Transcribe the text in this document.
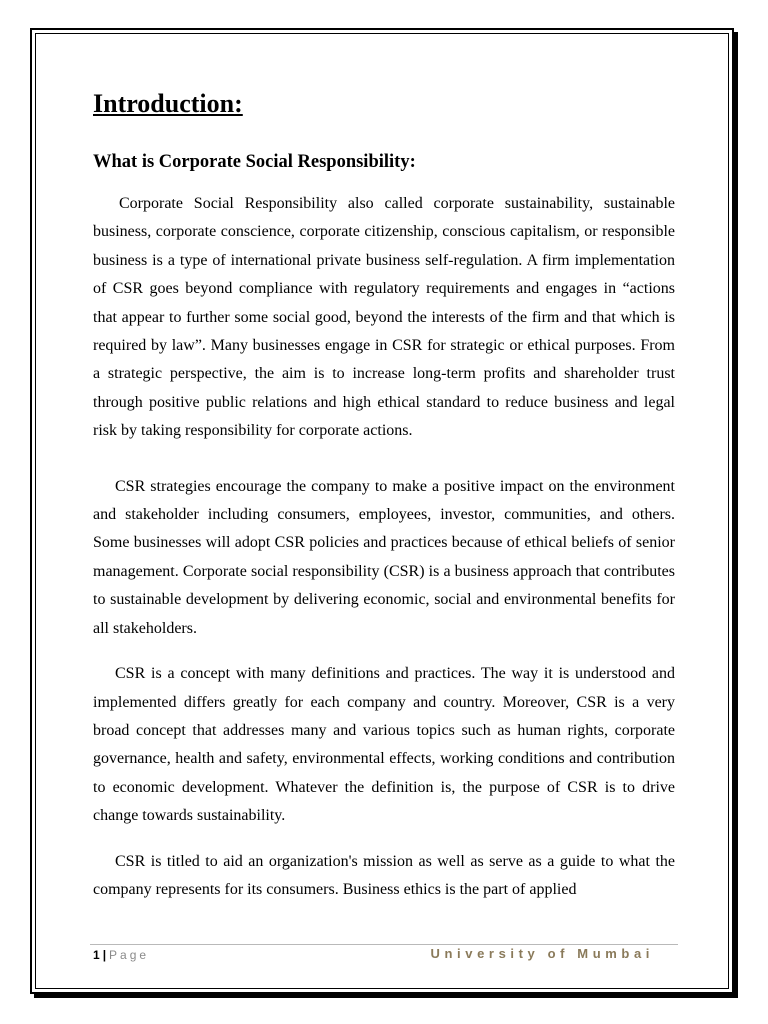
Introduction:
What is Corporate Social Responsibility:

Corporate Social Responsibility also called corporate sustainability, sustainable business, corporate conscience, corporate citizenship, conscious capitalism, or responsible business is a type of international private business self-regulation. A firm implementation of CSR goes beyond compliance with regulatory requirements and engages in “actions that appear to further some social good, beyond the interests of the firm and that which is required by law”. Many businesses engage in CSR for strategic or ethical purposes. From a strategic perspective, the aim is to increase long-term profits and shareholder trust through positive public relations and high ethical standard to reduce business and legal risk by taking responsibility for corporate actions.

CSR strategies encourage the company to make a positive impact on the environment and stakeholder including consumers, employees, investor, communities, and others. Some businesses will adopt CSR policies and practices because of ethical beliefs of senior management. Corporate social responsibility (CSR) is a business approach that contributes to sustainable development by delivering economic, social and environmental benefits for all stakeholders.

CSR is a concept with many definitions and practices. The way it is understood and implemented differs greatly for each company and country. Moreover, CSR is a very broad concept that addresses many and various topics such as human rights, corporate governance, health and safety, environmental effects, working conditions and contribution to economic development. Whatever the definition is, the purpose of CSR is to drive change towards sustainability.

CSR is titled to aid an organization's mission as well as serve as a guide to what the company represents for its consumers. Business ethics is the part of applied

1 | Page	University of Mumbai
